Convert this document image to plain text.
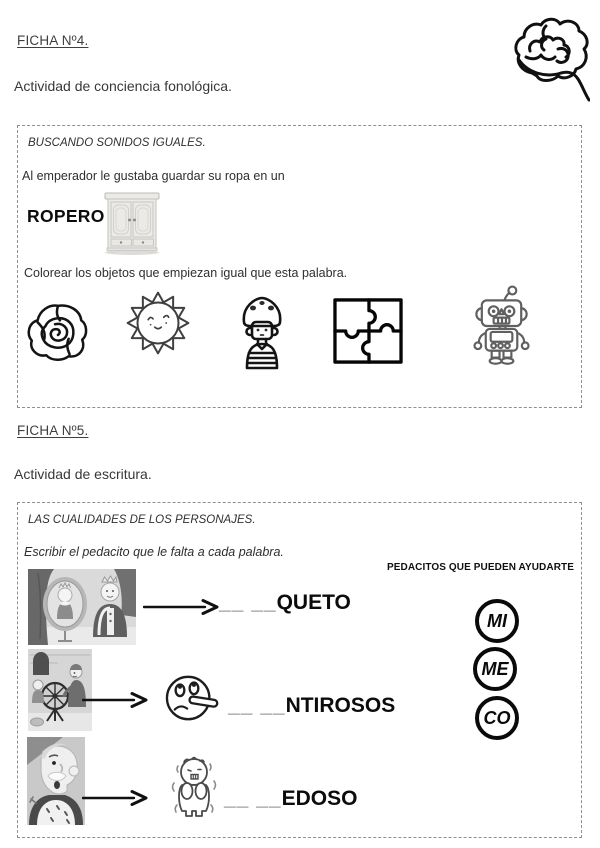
FICHA Nº4.
Actividad de conciencia fonológica.
BUSCANDO SONIDOS IGUALES.
Al emperador le gustaba guardar su ropa en un
ROPERO
Colorear los objetos que empiezan igual que esta palabra.
FICHA Nº5.
Actividad de escritura.
LAS CUALIDADES DE LOS PERSONAJES.
Escribir el pedacito que le falta a cada palabra.
PEDACITOS QUE PUEDEN AYUDARTE
MI
ME
CO
__ __QUETO
__ __NTIROSOS
__ __EDOSO
